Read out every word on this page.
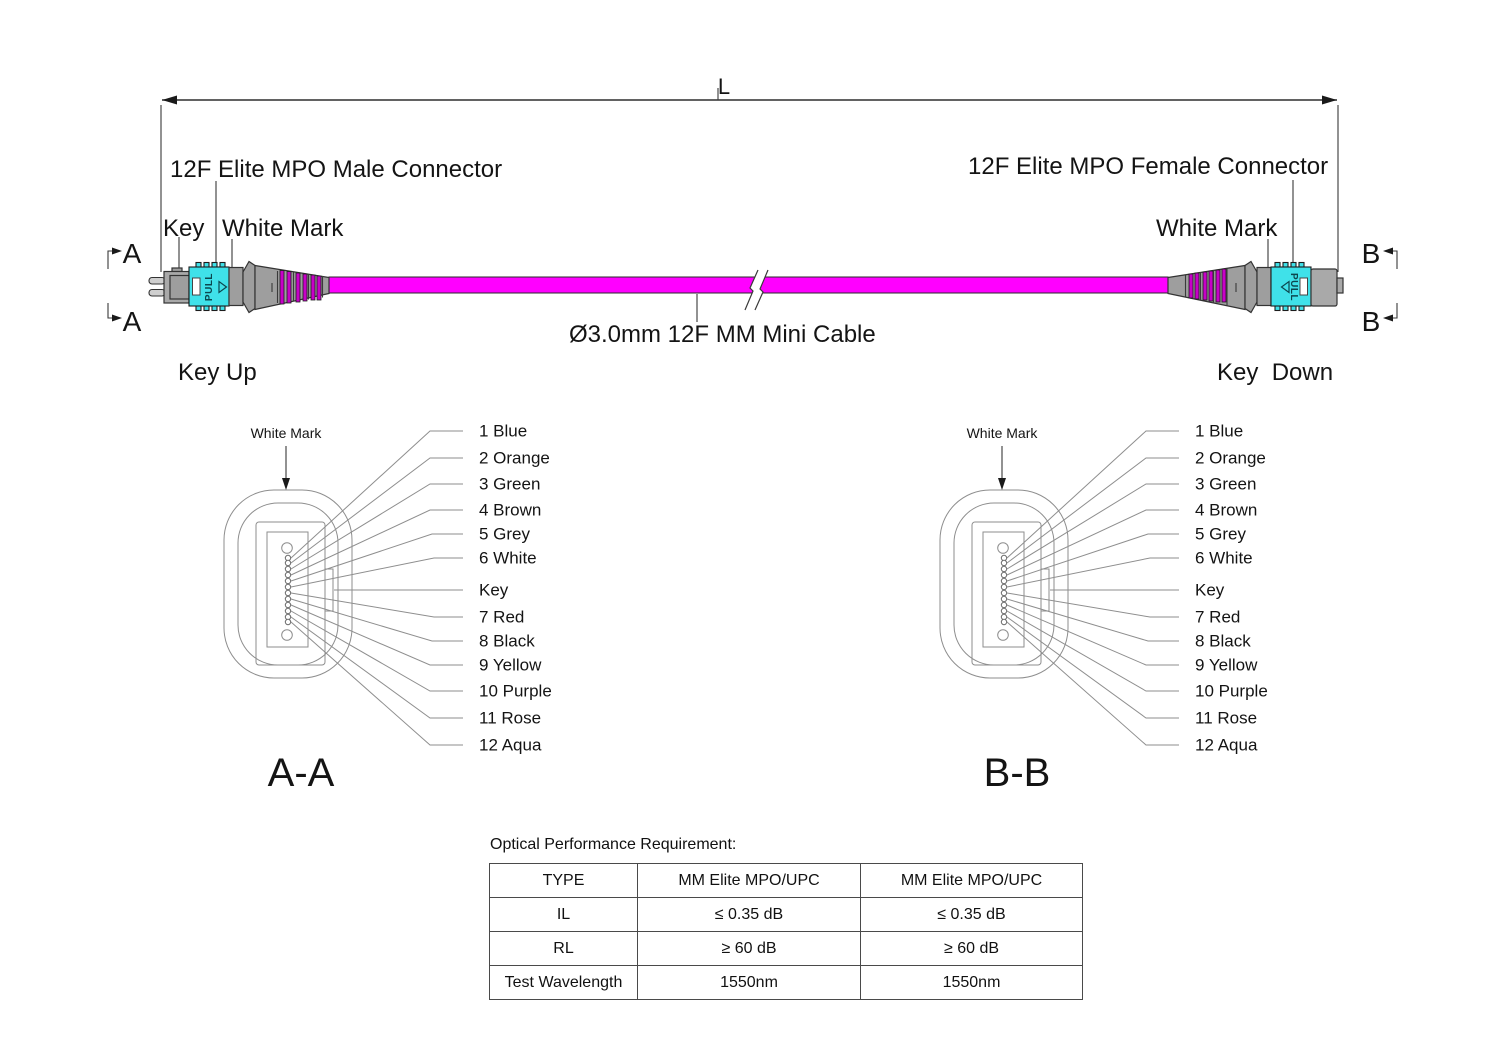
L
12F Elite MPO Male Connector	12F Elite MPO Female Connector
Key White Mark	White Mark
Key Up	Key  Down
Ø3.0mm 12F MM Mini Cable
A
A
B
B
PULL	PULL
White Mark	1 Blue
2 Orange
3 Green
4 Brown
5 Grey
6 White
Key
7 Red
8 Black
9 Yellow
10 Purple
11 Rose
12 Aqua
A-A
White Mark	1 Blue
2 Orange
3 Green
4 Brown
5 Grey
6 White
Key
7 Red
8 Black
9 Yellow
10 Purple
11 Rose
12 Aqua
B-B
Optical Performance Requirement:
TYPE	MM Elite MPO/UPC	MM Elite MPO/UPC
IL	≤ 0.35 dB	≤ 0.35 dB
RL	≥ 60 dB	≥ 60 dB
Test Wavelength	1550nm	1550nm
